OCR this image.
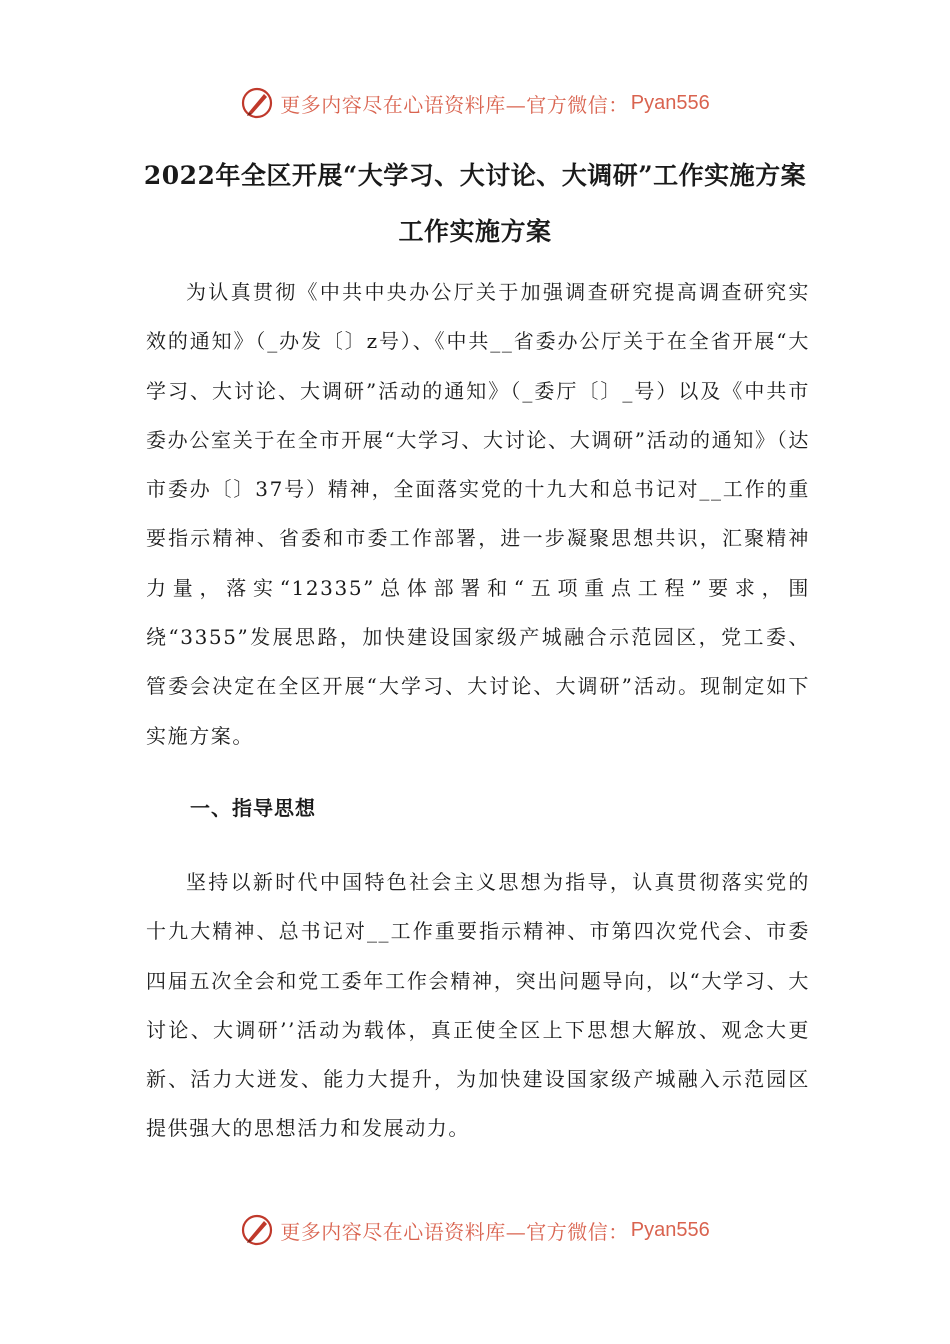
更多内容尽在心语资料库—官方微信： Pyan556
2022年全区开展“大学习、大讨论、大调研”工作实施方案工作实施方案

为认真贯彻《中共中央办公厅关于加强调查研究提高调查研究实效的通知》（_办发〔〕z号）、《中共__省委办公厅关于在全省开展“大学习、大讨论、大调研”活动的通知》（_委厅〔〕_号）以及《中共市委办公室关于在全市开展“大学习、大讨论、大调研”活动的通知》（达市委办〔〕37号）精神，全面落实党的十九大和总书记对__工作的重要指示精神、省委和市委工作部署，进一步凝聚思想共识，汇聚精神力量，落实“12335”总体部署和“五项重点工程”要求，围绕“3355”发展思路，加快建设国家级产城融合示范园区，党工委、管委会决定在全区开展“大学习、大讨论、大调研”活动。现制定如下实施方案。

一、指导思想

坚持以新时代中国特色社会主义思想为指导，认真贯彻落实党的十九大精神、总书记对__工作重要指示精神、市第四次党代会、市委四届五次全会和党工委年工作会精神，突出问题导向，以“大学习、大讨论、大调研’’活动为载体，真正使全区上下思想大解放、观念大更新、活力大迸发、能力大提升，为加快建设国家级产城融入示范园区提供强大的思想活力和发展动力。

更多内容尽在心语资料库—官方微信： Pyan556
